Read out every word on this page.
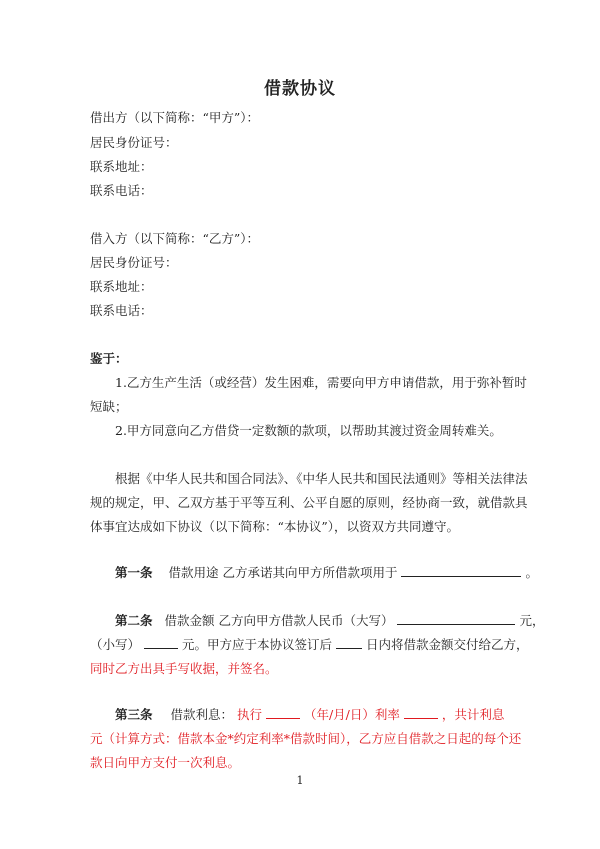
借款协议
借出方（以下简称：“甲方”）：
居民身份证号：
联系地址：
联系电话：
借入方（以下简称：“乙方”）：
居民身份证号：
联系地址：
联系电话：
鉴于：
1.乙方生产生活（或经营）发生困难，需要向甲方申请借款，用于弥补暂时
短缺；
2.甲方同意向乙方借贷一定数额的款项，以帮助其渡过资金周转难关。
根据《中华人民共和国合同法》、《中华人民共和国民法通则》等相关法律法
规的规定，甲、乙双方基于平等互利、公平自愿的原则，经协商一致，就借款具
体事宜达成如下协议（以下简称：“本协议”），以资双方共同遵守。
第一条 借款用途 乙方承诺其向甲方所借款项用于	。
第二条 借款金额 乙方向甲方借款人民币（大写）	元，
（小写）	元。甲方应于本协议签订后	日内将借款金额交付给乙方，
同时乙方出具手写收据，并签名。
第三条 借款利息： 执行	（年/月/日）利率	，共计利息
元（计算方式：借款本金*约定利率*借款时间），乙方应自借款之日起的每个还
款日向甲方支付一次利息。
1
